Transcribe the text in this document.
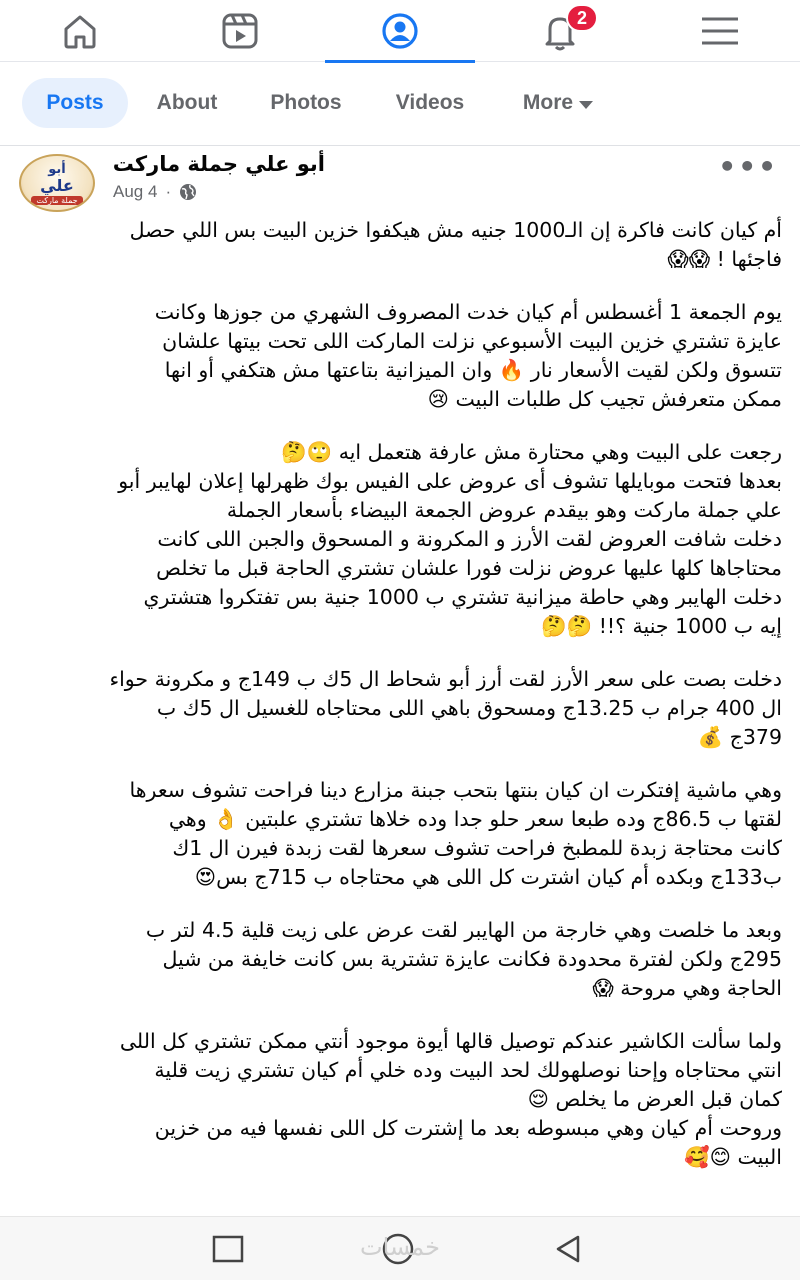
2
Posts	About	Photos	Videos	More
أبو
علي
جملة ماركت
أبو علي جملة ماركت
Aug 4 ·
•••
أم كيان كانت فاكرة إن الـ1000 جنيه مش هيكفوا خزين البيت بس اللي حصل
فاجئها ! 😱😱
يوم الجمعة 1 أغسطس أم كيان خدت المصروف الشهري من جوزها وكانت
عايزة تشتري خزين البيت الأسبوعي نزلت الماركت اللى تحت بيتها علشان
تتسوق ولكن لقيت الأسعار نار 🔥 وان الميزانية بتاعتها مش هتكفي أو انها
ممكن متعرفش تجيب كل طلبات البيت 😢
رجعت على البيت وهي محتارة مش عارفة هتعمل ايه 🙄🤔
بعدها فتحت موبايلها تشوف أى عروض على الفيس بوك ظهرلها إعلان لهايبر أبو
علي جملة ماركت وهو بيقدم عروض الجمعة البيضاء بأسعار الجملة
دخلت شافت العروض لقت الأرز و المكرونة و المسحوق والجبن اللى كانت
محتاجاها كلها عليها عروض نزلت فورا علشان تشتري الحاجة قبل ما تخلص
دخلت الهايبر وهي حاطة ميزانية تشتري ب 1000 جنية بس تفتكروا هتشتري
إيه ب 1000 جنية ؟!! 🤔🤔
دخلت بصت على سعر الأرز لقت أرز أبو شحاط ال 5ك ب 149ج و مكرونة حواء
ال 400 جرام ب 13.25ج ومسحوق باهي اللى محتاجاه للغسيل ال 5ك ب
379ج 💰
وهي ماشية إفتكرت ان كيان بنتها بتحب جبنة مزارع دينا فراحت تشوف سعرها
لقتها ب 86.5ج وده طبعا سعر حلو جدا وده خلاها تشتري علبتين 👌 وهي
كانت محتاجة زبدة للمطبخ فراحت تشوف سعرها لقت زبدة فيرن ال 1ك
ب133ج وبكده أم كيان اشترت كل اللى هي محتاجاه ب 715ج بس😍
وبعد ما خلصت وهي خارجة من الهايبر لقت عرض على زيت قلية 4.5 لتر ب
295ج ولكن لفترة محدودة فكانت عايزة تشترية بس كانت خايفة من شيل
الحاجة وهي مروحة 😱
ولما سألت الكاشير عندكم توصيل قالها أيوة موجود أنتي ممكن تشتري كل اللى
انتي محتاجاه وإحنا نوصلهولك لحد البيت وده خلي أم كيان تشتري زيت قلية
كمان قبل العرض ما يخلص 😌
وروحت أم كيان وهي مبسوطه بعد ما إشترت كل اللى نفسها فيه من خزين
البيت 😊🥰
خمسات
